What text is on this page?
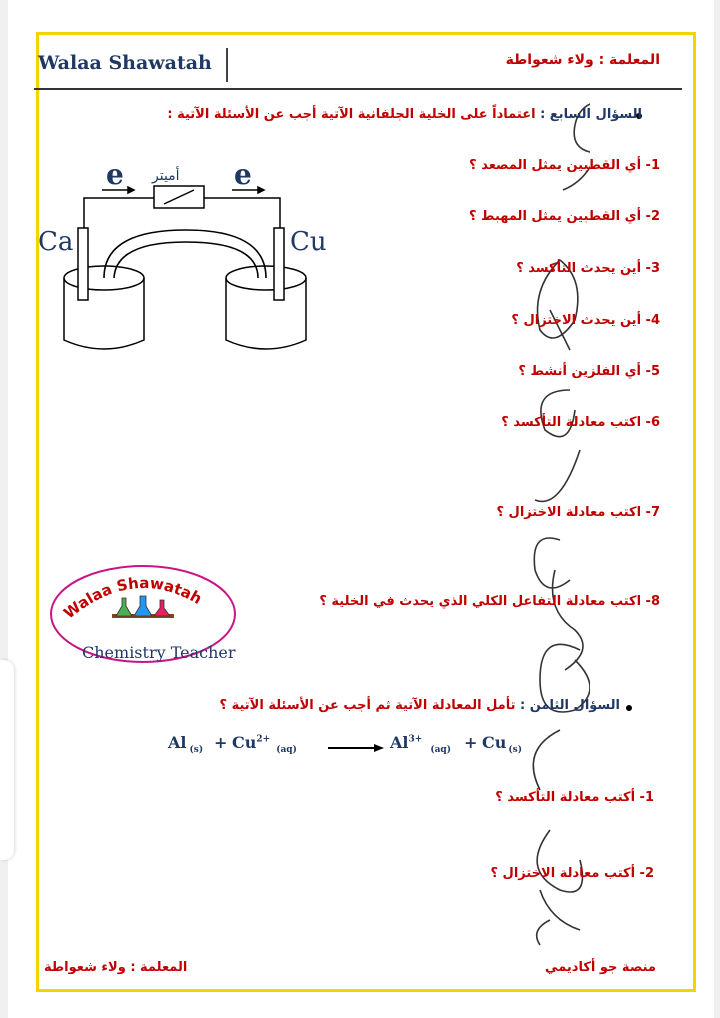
Walaa Shawatah	المعلمة : ولاء شعواطة
السؤال السابع : اعتماداً على الخلية الجلفانية الآتية أجب عن الأسئلة الآتية :
1- أي القطبين يمثل المصعد ؟
2- أي القطبين يمثل المهبط ؟
3- أين يحدث التأكسد ؟
4- أين يحدث الاختزال ؟
5- أي الفلزين أنشط ؟
6- اكتب معادلة التأكسد ؟
7- اكتب معادلة الاختزال ؟
8- اكتب معادلة التفاعل الكلي الذي يحدث في الخلية ؟
Ca	Cu
e	e
أميتر
Walaa Shawatah
Chemistry Teacher
السؤال الثامن : تأمل المعادلة الآتية ثم أجب عن الأسئلة الآتية ؟
Al $_{(s)} + Cu^{2+}_{(aq)} \to Al^{3+}_{(aq)} + Cu$ $_{(s)}$
1- أكتب معادلة التأكسد ؟
2- أكتب معادلة الاختزال ؟
المعلمة : ولاء شعواطة	منصة جو أكاديمي
